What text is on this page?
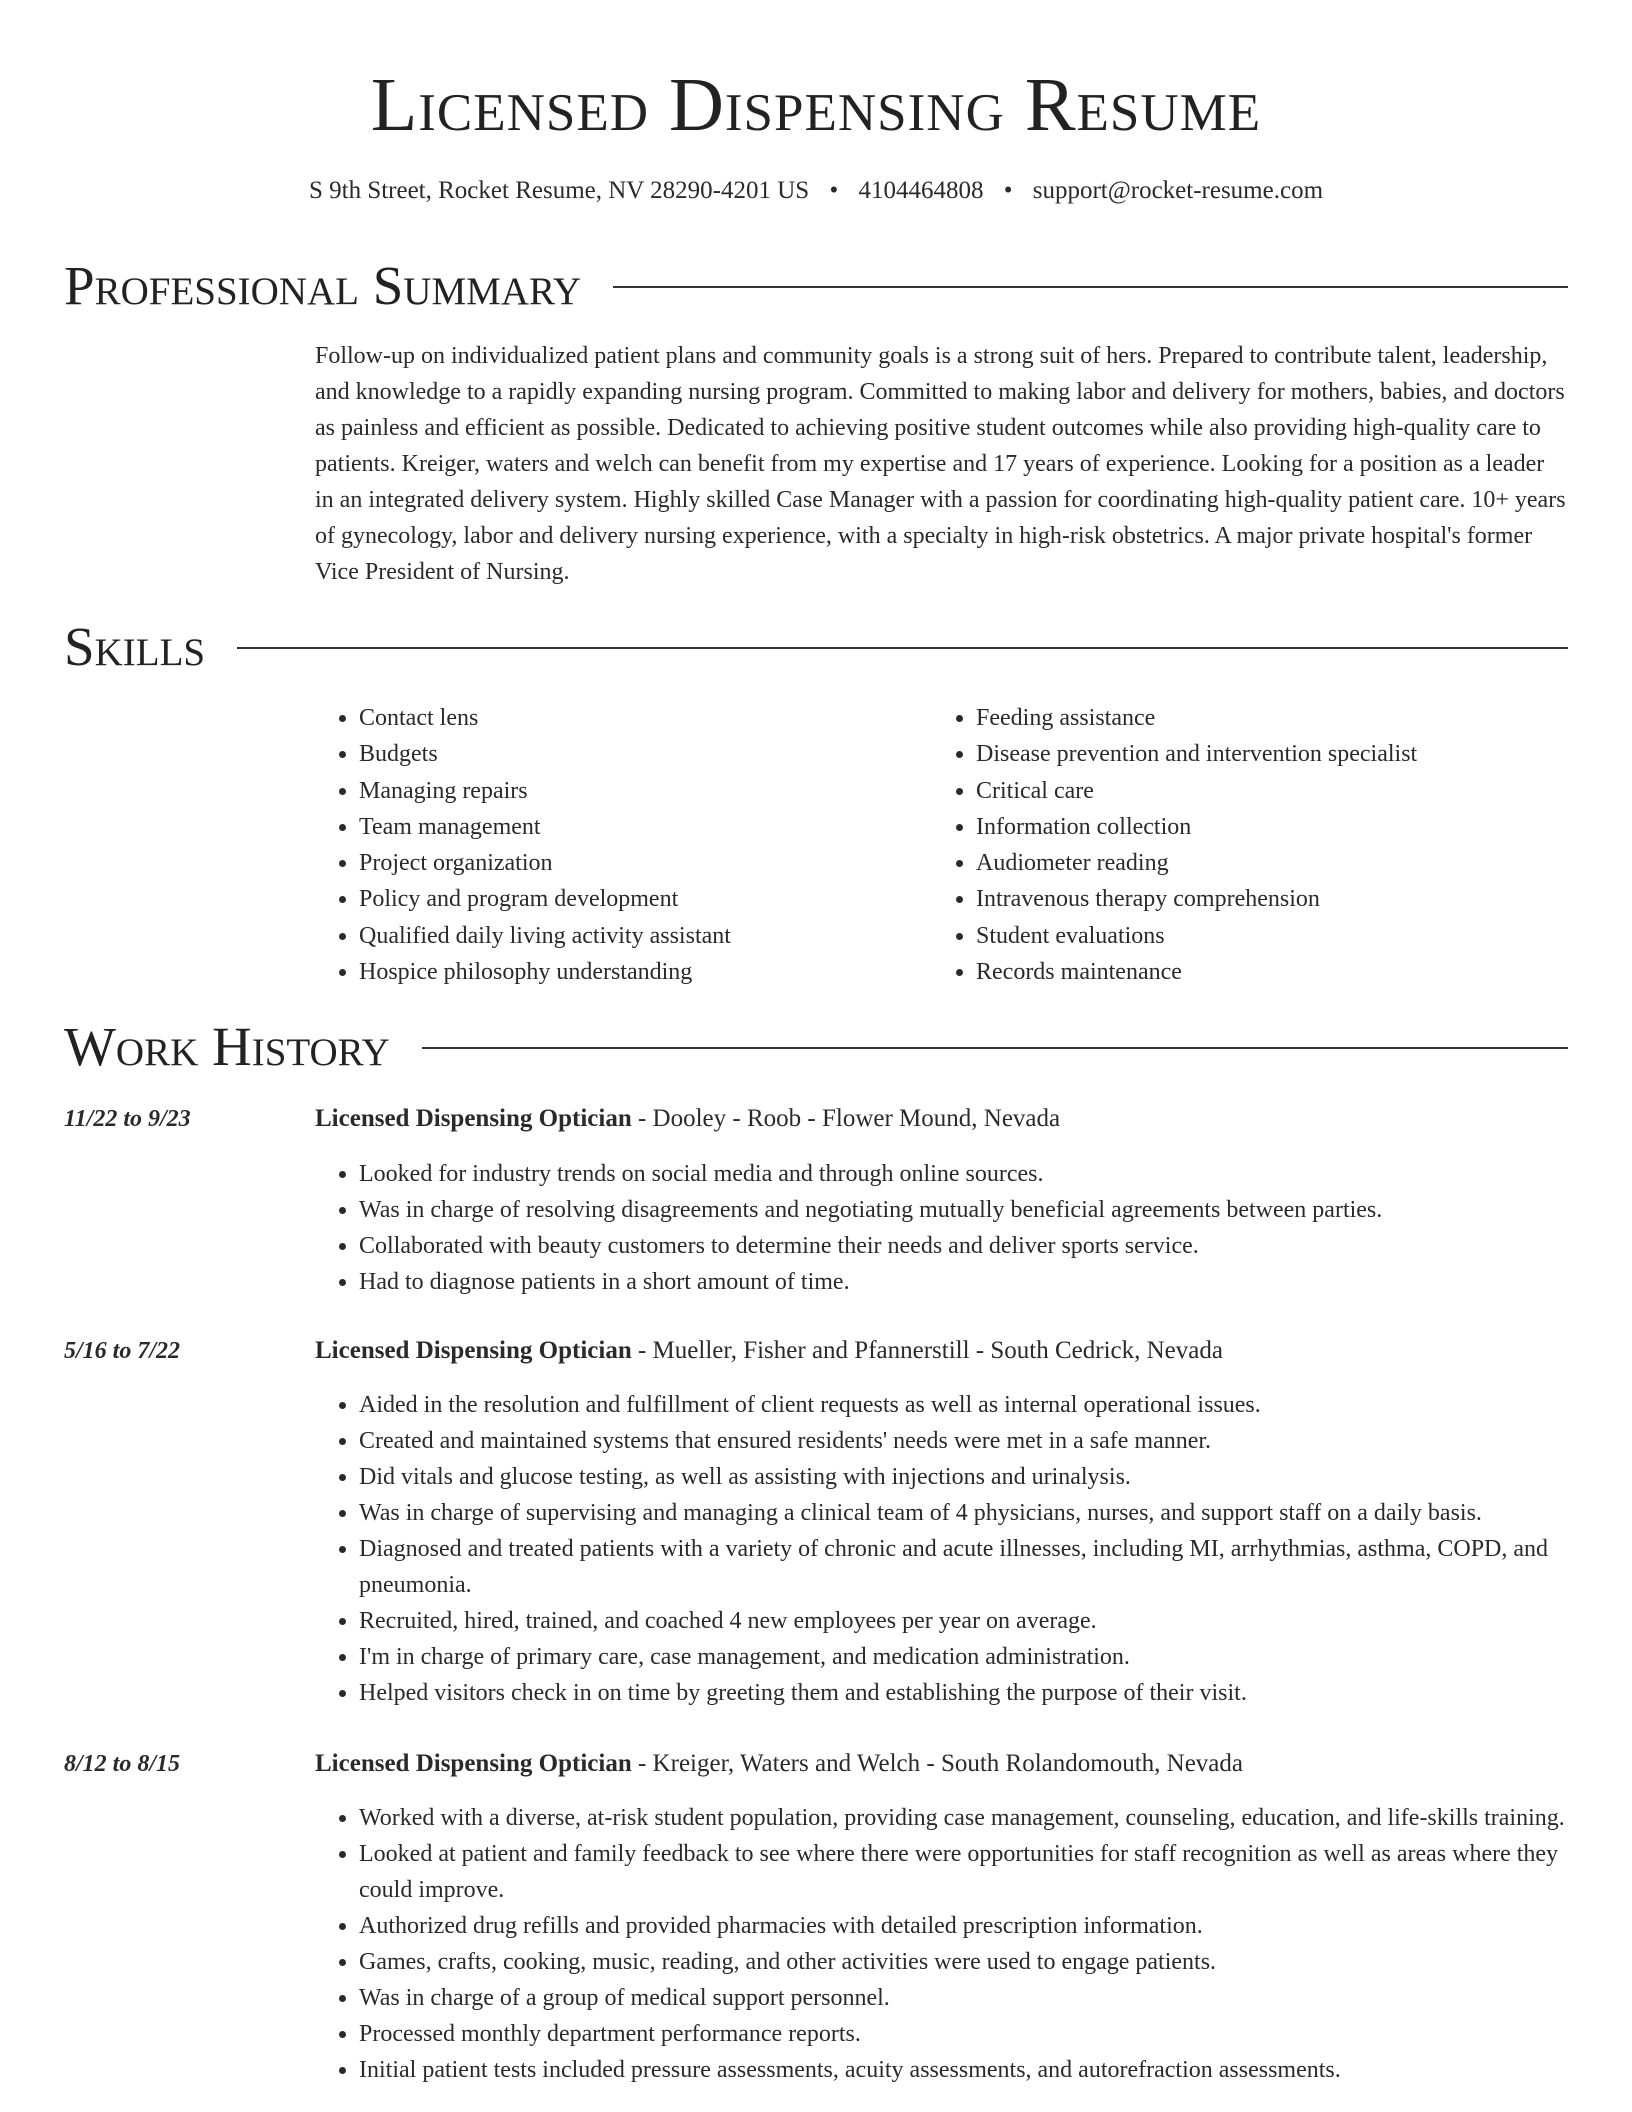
Licensed Dispensing Resume
S 9th Street, Rocket Resume, NV 28290-4201 US • 4104464808 • support@rocket-resume.com
Professional Summary

Follow-up on individualized patient plans and community goals is a strong suit of hers. Prepared to contribute talent, leadership, and knowledge to a rapidly expanding nursing program. Committed to making labor and delivery for mothers, babies, and doctors as painless and efficient as possible. Dedicated to achieving positive student outcomes while also providing high-quality care to patients. Kreiger, waters and welch can benefit from my expertise and 17 years of experience. Looking for a position as a leader in an integrated delivery system. Highly skilled Case Manager with a passion for coordinating high-quality patient care. 10+ years of gynecology, labor and delivery nursing experience, with a specialty in high-risk obstetrics. A major private hospital's former Vice President of Nursing.

Skills
• Contact lens
• Budgets
• Managing repairs
• Team management
• Project organization
• Policy and program development
• Qualified daily living activity assistant
• Hospice philosophy understanding
• Feeding assistance
• Disease prevention and intervention specialist
• Critical care
• Information collection
• Audiometer reading
• Intravenous therapy comprehension
• Student evaluations
• Records maintenance
Work History
11/22 to 9/23	Licensed Dispensing Optician - Dooley - Roob - Flower Mound, Nevada
• Looked for industry trends on social media and through online sources.
• Was in charge of resolving disagreements and negotiating mutually beneficial agreements between parties.
• Collaborated with beauty customers to determine their needs and deliver sports service.
• Had to diagnose patients in a short amount of time.
5/16 to 7/22	Licensed Dispensing Optician - Mueller, Fisher and Pfannerstill - South Cedrick, Nevada
• Aided in the resolution and fulfillment of client requests as well as internal operational issues.
• Created and maintained systems that ensured residents' needs were met in a safe manner.
• Did vitals and glucose testing, as well as assisting with injections and urinalysis.
• Was in charge of supervising and managing a clinical team of 4 physicians, nurses, and support staff on a daily basis.
• Diagnosed and treated patients with a variety of chronic and acute illnesses, including MI, arrhythmias, asthma, COPD, and pneumonia.
• Recruited, hired, trained, and coached 4 new employees per year on average.
• I'm in charge of primary care, case management, and medication administration.
• Helped visitors check in on time by greeting them and establishing the purpose of their visit.
8/12 to 8/15	Licensed Dispensing Optician - Kreiger, Waters and Welch - South Rolandomouth, Nevada
• Worked with a diverse, at-risk student population, providing case management, counseling, education, and life-skills training.
• Looked at patient and family feedback to see where there were opportunities for staff recognition as well as areas where they could improve.
• Authorized drug refills and provided pharmacies with detailed prescription information.
• Games, crafts, cooking, music, reading, and other activities were used to engage patients.
• Was in charge of a group of medical support personnel.
• Processed monthly department performance reports.
• Initial patient tests included pressure assessments, acuity assessments, and autorefraction assessments.
